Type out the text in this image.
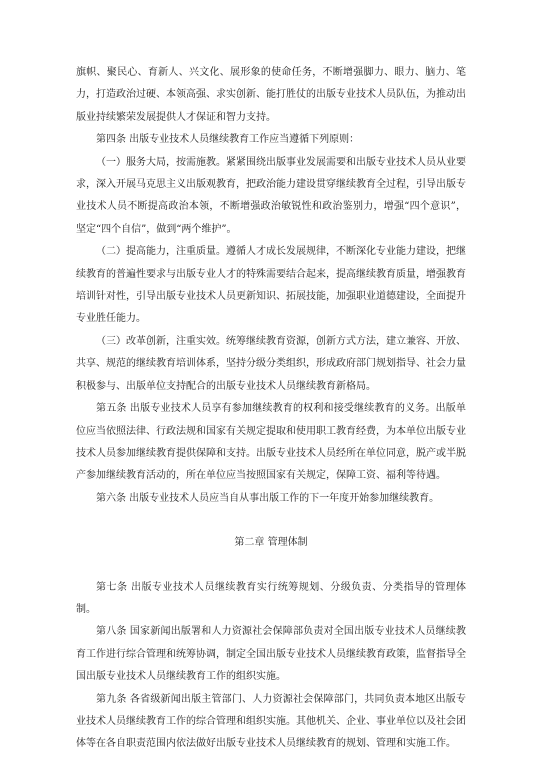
旗帜、聚民心、育新人、兴文化、展形象的使命任务，不断增强脚力、眼力、脑力、笔力，打造政治过硬、本领高强、求实创新、能打胜仗的出版专业技术人员队伍，为推动出版业持续繁荣发展提供人才保证和智力支持。

第四条 出版专业技术人员继续教育工作应当遵循下列原则：

（一）服务大局，按需施教。紧紧围绕出版事业发展需要和出版专业技术人员从业要求，深入开展马克思主义出版观教育，把政治能力建设贯穿继续教育全过程，引导出版专业技术人员不断提高政治本领，不断增强政治敏锐性和政治鉴别力，增强“四个意识”，坚定“四个自信”，做到“两个维护”。

（二）提高能力，注重质量。遵循人才成长发展规律，不断深化专业能力建设，把继续教育的普遍性要求与出版专业人才的特殊需要结合起来，提高继续教育质量，增强教育培训针对性，引导出版专业技术人员更新知识、拓展技能，加强职业道德建设，全面提升专业胜任能力。

（三）改革创新，注重实效。统筹继续教育资源，创新方式方法，建立兼容、开放、共享、规范的继续教育培训体系，坚持分级分类组织，形成政府部门规划指导、社会力量积极参与、出版单位支持配合的出版专业技术人员继续教育新格局。

第五条 出版专业技术人员享有参加继续教育的权利和接受继续教育的义务。出版单位应当依照法律、行政法规和国家有关规定提取和使用职工教育经费，为本单位出版专业技术人员参加继续教育提供保障和支持。出版专业技术人员经所在单位同意，脱产或半脱产参加继续教育活动的，所在单位应当按照国家有关规定，保障工资、福利等待遇。

第六条 出版专业技术人员应当自从事出版工作的下一年度开始参加继续教育。

第二章 管理体制

第七条 出版专业技术人员继续教育实行统筹规划、分级负责、分类指导的管理体制。

第八条 国家新闻出版署和人力资源社会保障部负责对全国出版专业技术人员继续教育工作进行综合管理和统筹协调，制定全国出版专业技术人员继续教育政策，监督指导全国出版专业技术人员继续教育工作的组织实施。

第九条 各省级新闻出版主管部门、人力资源社会保障部门，共同负责本地区出版专业技术人员继续教育工作的综合管理和组织实施。其他机关、企业、事业单位以及社会团体等在各自职责范围内依法做好出版专业技术人员继续教育的规划、管理和实施工作。
